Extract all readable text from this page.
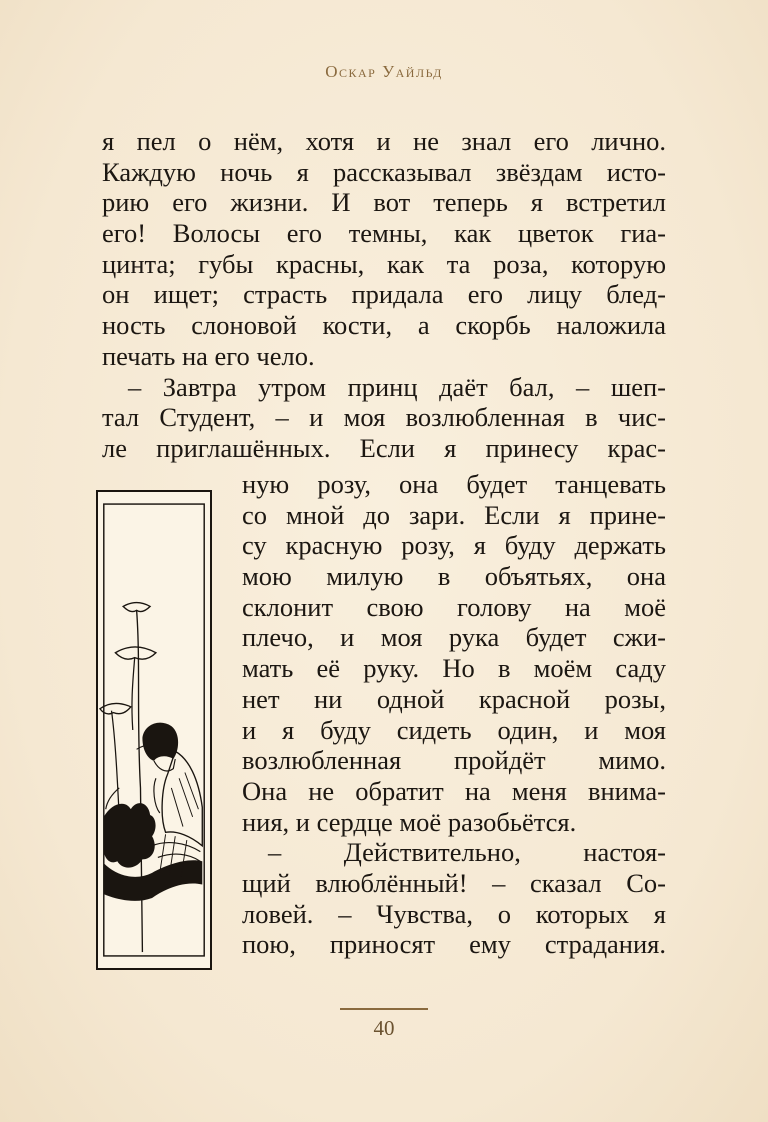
Оскар Уайльд
я пел о нём, хотя и не знал его лично.
Каждую ночь я рассказывал звёздам исто-
рию его жизни. И вот теперь я встретил
его! Волосы его темны, как цветок гиа-
цинта; губы красны, как та роза, которую
он ищет; страсть придала его лицу блед-
ность слоновой кости, а скорбь наложила
печать на его чело.
– Завтра утром принц даёт бал, – шеп-
тал Студент, – и моя возлюбленная в чис-
ле приглашённых. Если я принесу крас-
ную розу, она будет танцевать
со мной до зари. Если я прине-
су красную розу, я буду держать
мою милую в объятьях, она
склонит свою голову на моё
плечо, и моя рука будет сжи-
мать её руку. Но в моём саду
нет ни одной красной розы,
и я буду сидеть один, и моя
возлюбленная пройдёт мимо.
Она не обратит на меня внима-
ния, и сердце моё разобьётся.
– Действительно, настоя-
щий влюблённый! – сказал Со-
ловей. – Чувства, о которых я
пою, приносят ему страдания.
40
